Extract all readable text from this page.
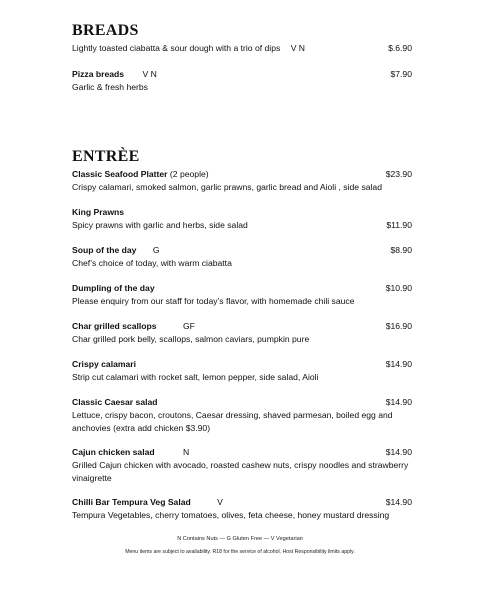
BREADS
Lightly toasted ciabatta & sour dough with a trio of dips V N	$.6.90
Pizza breads V N	$7.90
Garlic & fresh herbs
ENTRÈE
Classic Seafood Platter (2 people)	$23.90
Crispy calamari, smoked salmon, garlic prawns, garlic bread and Aioli , side salad
King Prawns
Spicy prawns with garlic and herbs, side salad	$11.90
Soup of the day G	$8.90
Chef’s choice of today, with warm ciabatta
Dumpling of the day	$10.90
Please enquiry from our staff for today’s flavor, with homemade chili sauce
Char grilled scallops	GF	$16.90
Char grilled pork belly, scallops, salmon caviars, pumpkin pure
Crispy calamari	$14.90
Strip cut calamari with rocket salt, lemon pepper, side salad, Aioli
Classic Caesar salad	$14.90
Lettuce, crispy bacon, croutons, Caesar dressing, shaved parmesan, boiled egg and anchovies (extra add chicken $3.90)
Cajun chicken salad	N	$14.90
Grilled Cajun chicken with avocado, roasted cashew nuts, crispy noodles and strawberry vinaigrette
Chilli Bar Tempura Veg Salad	V	$14.90
Tempura Vegetables, cherry tomatoes, olives, feta cheese, honey mustard dressing
N Contains Nuts — G Gluten Free — V Vegetarian
Menu items are subject to availability. R18 for the service of alcohol. Host Responsibility limits apply.
